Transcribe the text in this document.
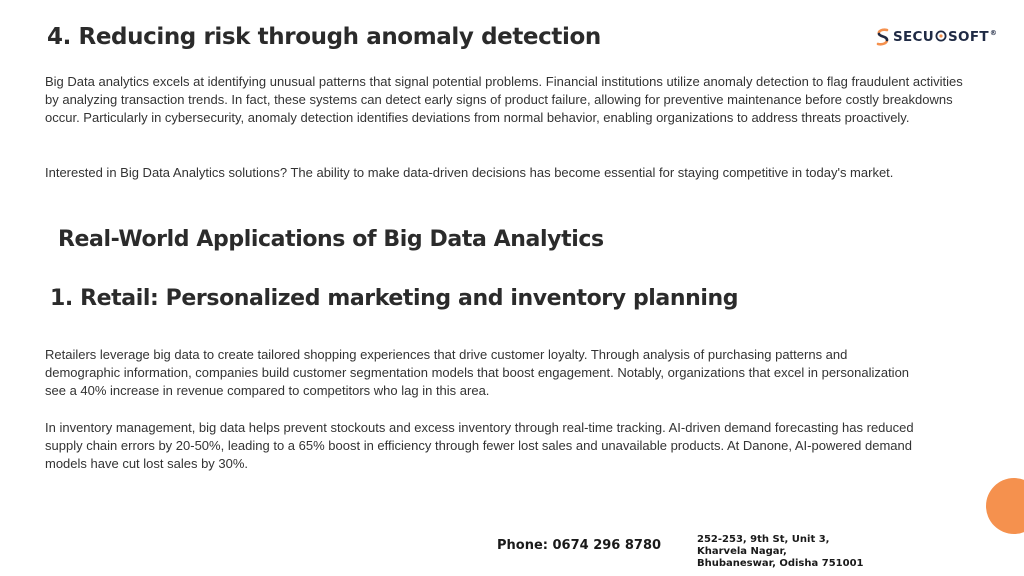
4. Reducing risk through anomaly detection	SECU SOFT®

Big Data analytics excels at identifying unusual patterns that signal potential problems. Financial institutions utilize anomaly detection to flag fraudulent activities by analyzing transaction trends. In fact, these systems can detect early signs of product failure, allowing for preventive maintenance before costly breakdowns occur. Particularly in cybersecurity, anomaly detection identifies deviations from normal behavior, enabling organizations to address threats proactively.

Interested in Big Data Analytics solutions? The ability to make data-driven decisions has become essential for staying competitive in today's market.

Real-World Applications of Big Data Analytics
1. Retail: Personalized marketing and inventory planning

Retailers leverage big data to create tailored shopping experiences that drive customer loyalty. Through analysis of purchasing patterns and demographic information, companies build customer segmentation models that boost engagement. Notably, organizations that excel in personalization see a 40% increase in revenue compared to competitors who lag in this area.

In inventory management, big data helps prevent stockouts and excess inventory through real-time tracking. AI-driven demand forecasting has reduced supply chain errors by 20-50%, leading to a 65% boost in efficiency through fewer lost sales and unavailable products. At Danone, AI-powered demand models have cut lost sales by 30%.

Phone: 0674 296 8780	252-253, 9th St, Unit 3,
Kharvela Nagar,
Bhubaneswar, Odisha 751001
